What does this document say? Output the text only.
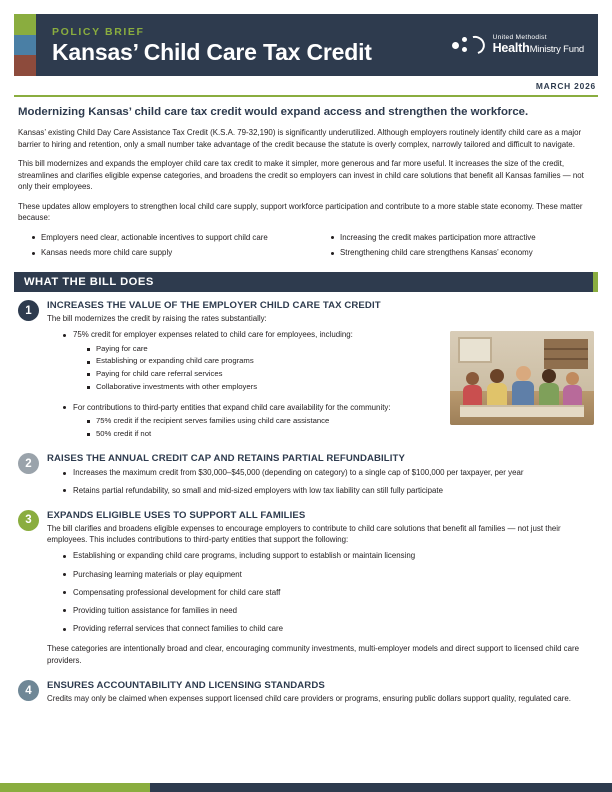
POLICY BRIEF
Kansas’ Child Care Tax Credit
United Methodist
HealthMinistry Fund
MARCH 2026
Modernizing Kansas’ child care tax credit would expand access and strengthen the workforce.

Kansas’ existing Child Day Care Assistance Tax Credit (K.S.A. 79-32,190) is significantly underutilized. Although employers routinely identify child care as a major barrier to hiring and retention, only a small number take advantage of the credit because the statute is overly complex, narrowly tailored and difficult to navigate.

This bill modernizes and expands the employer child care tax credit to make it simpler, more generous and far more useful. It increases the size of the credit, streamlines and clarifies eligible expense categories, and broadens the credit so employers can invest in child care solutions that benefit all Kansas families — not only their employees.

These updates allow employers to strengthen local child care supply, support workforce participation and contribute to a more stable state economy. These matter because:

Employers need clear, actionable incentives to support child care
Kansas needs more child care supply
Increasing the credit makes participation more attractive
Strengthening child care strengthens Kansas’ economy
WHAT THE BILL DOES
1	INCREASES THE VALUE OF THE EMPLOYER CHILD CARE TAX CREDIT

The bill modernizes the credit by raising the rates substantially:

75% credit for employer expenses related to child care for employees, including:
Paying for care
Establishing or expanding child care programs
Paying for child care referral services
Collaborative investments with other employers
For contributions to third-party entities that expand child care availability for the community:
75% credit if the recipient serves families using child care assistance
50% credit if not
2	RAISES THE ANNUAL CREDIT CAP AND RETAINS PARTIAL REFUNDABILITY
Increases the maximum credit from $30,000–$45,000 (depending on category) to a single cap of $100,000 per taxpayer, per year
Retains partial refundability, so small and mid-sized employers with low tax liability can still fully participate
3	EXPANDS ELIGIBLE USES TO SUPPORT ALL FAMILIES

The bill clarifies and broadens eligible expenses to encourage employers to contribute to child care solutions that benefit all families — not just their employees. This includes contributions to third-party entities that support the following:

Establishing or expanding child care programs, including support to establish or maintain licensing
Purchasing learning materials or play equipment
Compensating professional development for child care staff
Providing tuition assistance for families in need
Providing referral services that connect families to child care

These categories are intentionally broad and clear, encouraging community investments, multi-employer models and direct support to licensed child care providers.

4	ENSURES ACCOUNTABILITY AND LICENSING STANDARDS

Credits may only be claimed when expenses support licensed child care providers or programs, ensuring public dollars support quality, regulated care.
